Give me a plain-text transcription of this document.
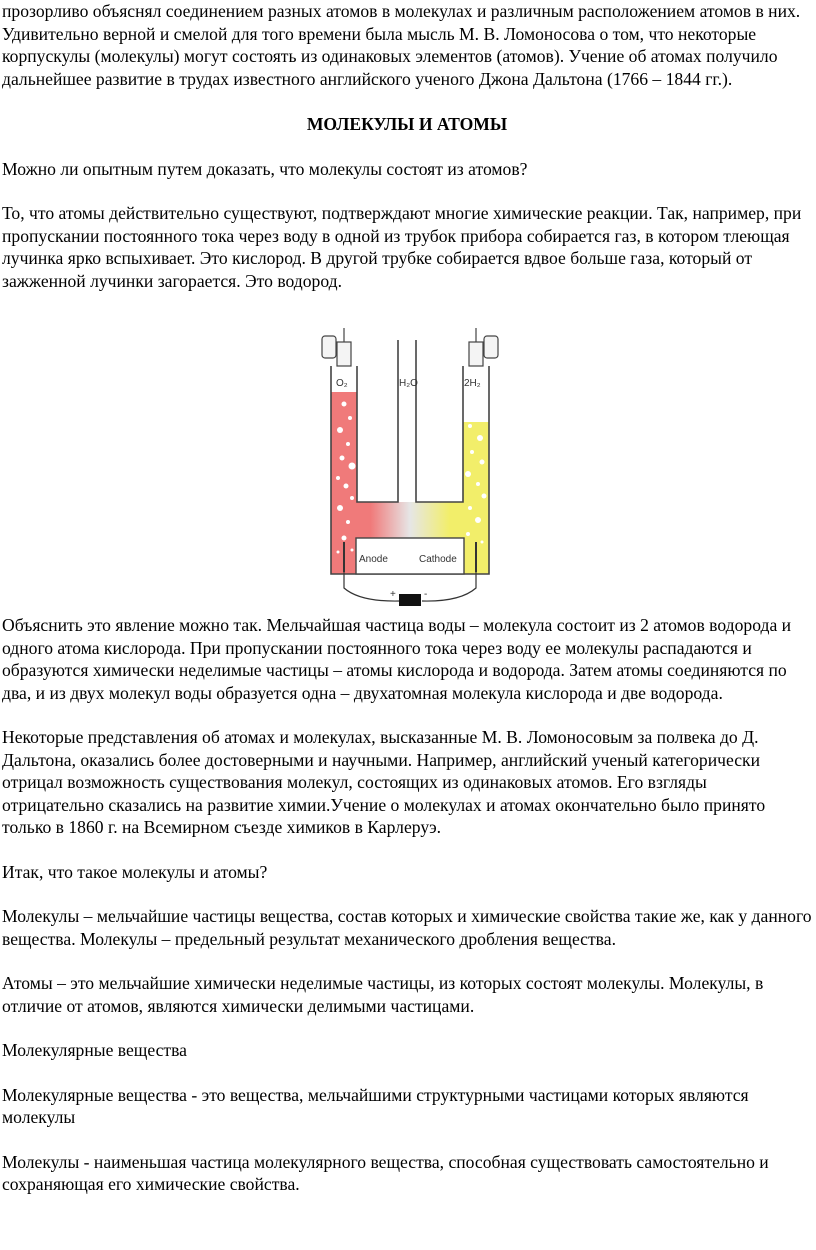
прозорливо объяснял соединением разных атомов в молекулах и различным расположением атомов в них. Удивительно верной и смелой для того времени была мысль М. В. Ломоносова о том, что некоторые корпускулы (молекулы) могут состоять из одинаковых элементов (атомов). Учение об атомах получило дальнейшее развитие в трудах известного английского ученого Джона Дальтона (1766 – 1844 гг.).

МОЛЕКУЛЫ И АТОМЫ

Можно ли опытным путем доказать, что молекулы состоят из атомов?

То, что атомы действительно существуют, подтверждают многие химические реакции. Так, например, при пропускании постоянного тока через воду в одной из трубок прибора собирается газ, в котором тлеющая лучинка ярко вспыхивает. Это кислород. В другой трубке собирается вдвое больше газа, который от зажженной лучинки загорается. Это водород.

Объяснить это явление можно так. Мельчайшая частица воды – молекула состоит из 2 атомов водорода и одного атома кислорода. При пропускании постоянного тока через воду ее молекулы распадаются и образуются химически неделимые частицы – атомы кислорода и водорода. Затем атомы соединяются по два, и из двух молекул воды образуется одна – двухатомная молекула кислорода и две водорода.

Некоторые представления об атомах и молекулах, высказанные М. В. Ломоносовым за полвека до Д. Дальтона, оказались более достоверными и научными. Например, английский ученый категорически отрицал возможность существования молекул, состоящих из одинаковых атомов. Его взгляды отрицательно сказались на развитие химии.Учение о молекулах и атомах окончательно было принято только в 1860 г. на Всемирном съезде химиков в Карлеруэ.

Итак, что такое молекулы и атомы?

Молекулы – мельчайшие частицы вещества, состав которых и химические свойства такие же, как у данного вещества. Молекулы – предельный результат механического дробления вещества.

Атомы – это мельчайшие химически неделимые частицы, из которых состоят молекулы. Молекулы, в отличие от атомов, являются химически делимыми частицами.

Молекулярные вещества

Молекулярные вещества - это вещества, мельчайшими структурными частицами которых являются молекулы

Молекулы - наименьшая частица молекулярного вещества, способная существовать самостоятельно и сохраняющая его химические свойства.

Anode	Cathode
O₂	H₂O	2H₂
+	-
